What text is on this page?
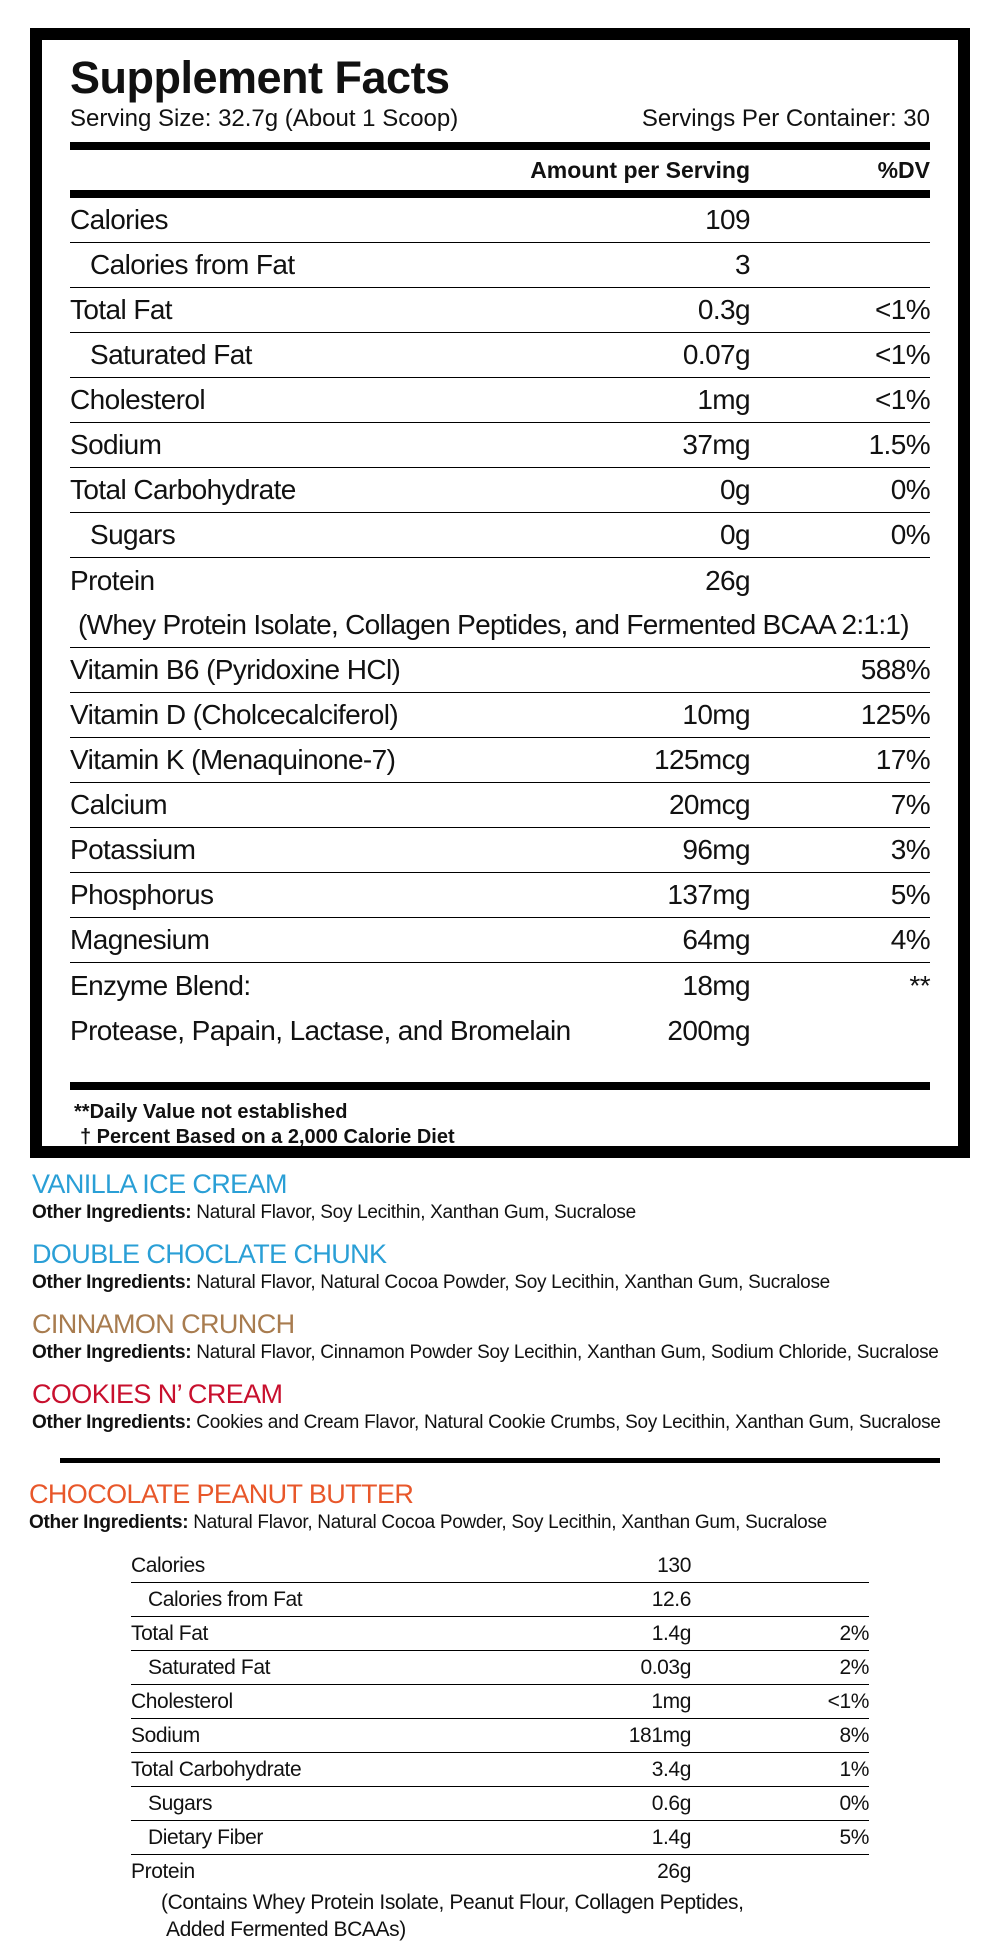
Supplement Facts
Serving Size: 32.7g (About 1 Scoop)	Servings Per Container: 30
Amount per Serving	%DV
Calories	109
Calories from Fat	3
Total Fat	0.3g	<1%
Saturated Fat	0.07g	<1%
Cholesterol	1mg	<1%
Sodium	37mg	1.5%
Total Carbohydrate	0g	0%
Sugars	0g	0%
Protein	26g
(Whey Protein Isolate, Collagen Peptides, and Fermented BCAA 2:1:1)
Vitamin B6 (Pyridoxine HCl)	588%
Vitamin D (Cholcecalciferol)	10mg	125%
Vitamin K (Menaquinone-7)	125mcg	17%
Calcium	20mcg	7%
Potassium	96mg	3%
Phosphorus	137mg	5%
Magnesium	64mg	4%
Enzyme Blend:	18mg	**
Protease, Papain, Lactase, and Bromelain	200mg
**Daily Value not established
† Percent Based on a 2,000 Calorie Diet
VANILLA ICE CREAM
Other Ingredients: Natural Flavor, Soy Lecithin, Xanthan Gum, Sucralose
DOUBLE CHOCLATE CHUNK
Other Ingredients: Natural Flavor, Natural Cocoa Powder, Soy Lecithin, Xanthan Gum, Sucralose
CINNAMON CRUNCH
Other Ingredients: Natural Flavor, Cinnamon Powder Soy Lecithin, Xanthan Gum, Sodium Chloride, Sucralose
COOKIES N’ CREAM
Other Ingredients: Cookies and Cream Flavor, Natural Cookie Crumbs, Soy Lecithin, Xanthan Gum, Sucralose
CHOCOLATE PEANUT BUTTER
Other Ingredients: Natural Flavor, Natural Cocoa Powder, Soy Lecithin, Xanthan Gum, Sucralose
Calories	130
Calories from Fat	12.6
Total Fat	1.4g	2%
Saturated Fat	0.03g	2%
Cholesterol	1mg	<1%
Sodium	181mg	8%
Total Carbohydrate	3.4g	1%
Sugars	0.6g	0%
Dietary Fiber	1.4g	5%
Protein	26g
(Contains Whey Protein Isolate, Peanut Flour, Collagen Peptides,
Added Fermented BCAAs)
